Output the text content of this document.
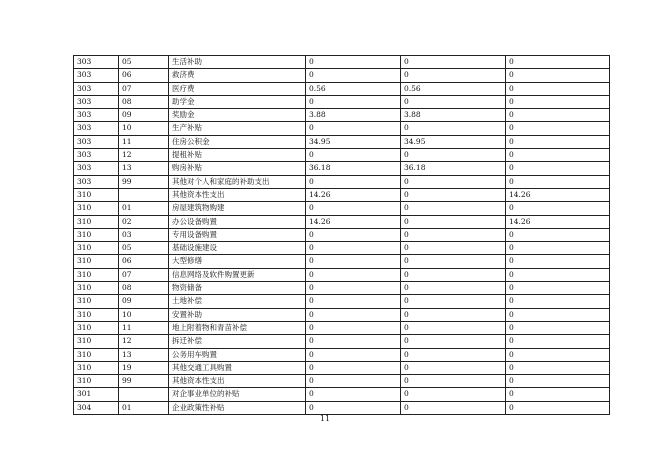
303	05	生活补助	0	0	0
303	06	救济费	0	0	0
303	07	医疗费	0.56	0.56	0
303	08	助学金	0	0	0
303	09	奖励金	3.88	3.88	0
303	10	生产补贴	0	0	0
303	11	住房公积金	34.95	34.95	0
303	12	提租补贴	0	0	0
303	13	购房补贴	36.18	36.18	0
303	99	其他对个人和家庭的补助支出	0	0	0
310		其他资本性支出	14.26	0	14.26
310	01	房屋建筑物购建	0	0	0
310	02	办公设备购置	14.26	0	14.26
310	03	专用设备购置	0	0	0
310	05	基础设施建设	0	0	0
310	06	大型修缮	0	0	0
310	07	信息网络及软件购置更新	0	0	0
310	08	物资储备	0	0	0
310	09	土地补偿	0	0	0
310	10	安置补助	0	0	0
310	11	地上附着物和青苗补偿	0	0	0
310	12	拆迁补偿	0	0	0
310	13	公务用车购置	0	0	0
310	19	其他交通工具购置	0	0	0
310	99	其他资本性支出	0	0	0
301		对企事业单位的补贴	0	0	0
304	01	企业政策性补贴	0	0	0
11
